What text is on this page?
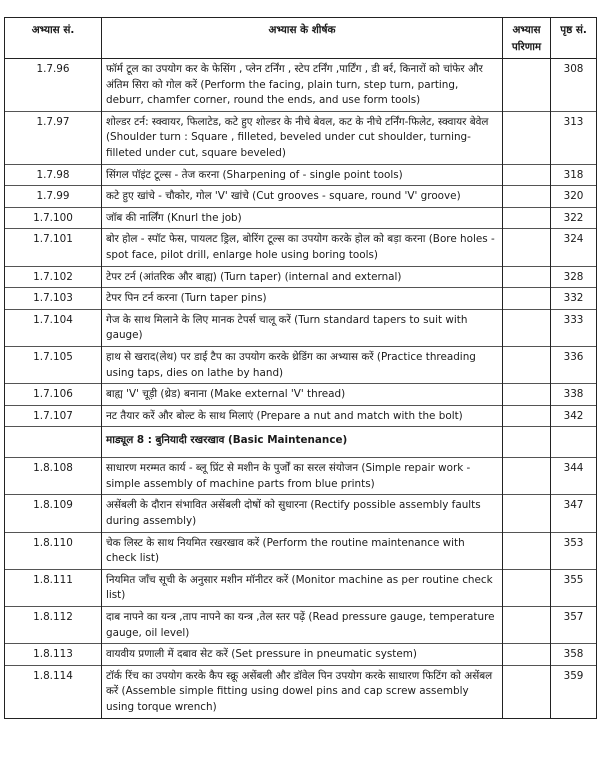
अभ्यास सं.	अभ्यास के शीर्षक	अभ्यास परिणाम	पृष्ठ सं.
1.7.96	फॉर्म टूल का उपयोग कर के फेसिंग , प्लेन टर्निंग , स्टेप टर्निंग ,पार्टिंग , डी बर्र, किनारों को चांफेर और अंतिम सिरा को गोल करें (Perform the facing, plain turn, step turn, parting, deburr, chamfer corner, round the ends, and use form tools)		308
1.7.97	शोल्डर टर्न: स्क्वायर, फिलाटेड, कटे हुए शोल्डर के नीचे बेवल, कट के नीचे टर्निंग-फिलेट, स्क्वायर बेवेल (Shoulder turn : Square , filleted, beveled under cut shoulder, turning-filleted under cut, square beveled)		313
1.7.98	सिंगल पॉइंट टूल्स - तेज करना (Sharpening of - single point tools)		318
1.7.99	कटे हुए खांचे - चौकोर, गोल 'V' खांचे (Cut grooves - square, round 'V' groove)		320
1.7.100	जॉब की नार्लिंग (Knurl the job)		322
1.7.101	बोर होल - स्पॉट फेस, पायलट ड्रिल, बोरिंग टूल्स का उपयोग करके होल को बड़ा करना (Bore holes - spot face, pilot drill, enlarge hole using boring tools)		324
1.7.102	टेपर टर्न (आंतरिक और बाह्य) (Turn taper) (internal and external)		328
1.7.103	टेपर पिन टर्न करना (Turn taper pins)		332
1.7.104	गेज के साथ मिलाने के लिए मानक टेपर्स चालू करें (Turn standard tapers to suit with gauge)		333
1.7.105	हाथ से खराद(लेथ) पर डाई टैप का उपयोग करके थ्रेडिंग का अभ्यास करें (Practice threading using taps, dies on lathe by hand)		336
1.7.106	बाह्य 'V' चूड़ी (थ्रेड) बनाना (Make external 'V' thread)		338
1.7.107	नट तैयार करें और बोल्ट के साथ मिलाएं (Prepare a nut and match with the bolt)		342
	माड्यूल 8 : बुनियादी रखरखाव (Basic Maintenance)		
1.8.108	साधारण मरम्मत कार्य - ब्लू प्रिंट से मशीन के पुर्जों का सरल संयोजन (Simple repair work - simple assembly of machine parts from blue prints)		344
1.8.109	असेंबली के दौरान संभावित असेंबली दोषों को सुधारना (Rectify possible assembly faults during assembly)		347
1.8.110	चेक लिस्ट के साथ नियमित रखरखाव करें (Perform the routine maintenance with check list)		353
1.8.111	नियमित जाँच सूची के अनुसार मशीन मॉनीटर करें (Monitor machine as per routine check list)		355
1.8.112	दाब नापने का यन्त्र ,ताप नापने का यन्त्र ,तेल स्तर पढ़ें (Read pressure gauge, temperature gauge, oil level)		357
1.8.113	वायवीय प्रणाली में दबाव सेट करें (Set pressure in pneumatic system)		358
1.8.114	टॉर्क रिंच का उपयोग करके कैप स्क्रू असेंबली और डॉवेल पिन उपयोग करके साधारण फिटिंग को असेंबल करें (Assemble simple fitting using dowel pins and cap screw assembly using torque wrench)		359
